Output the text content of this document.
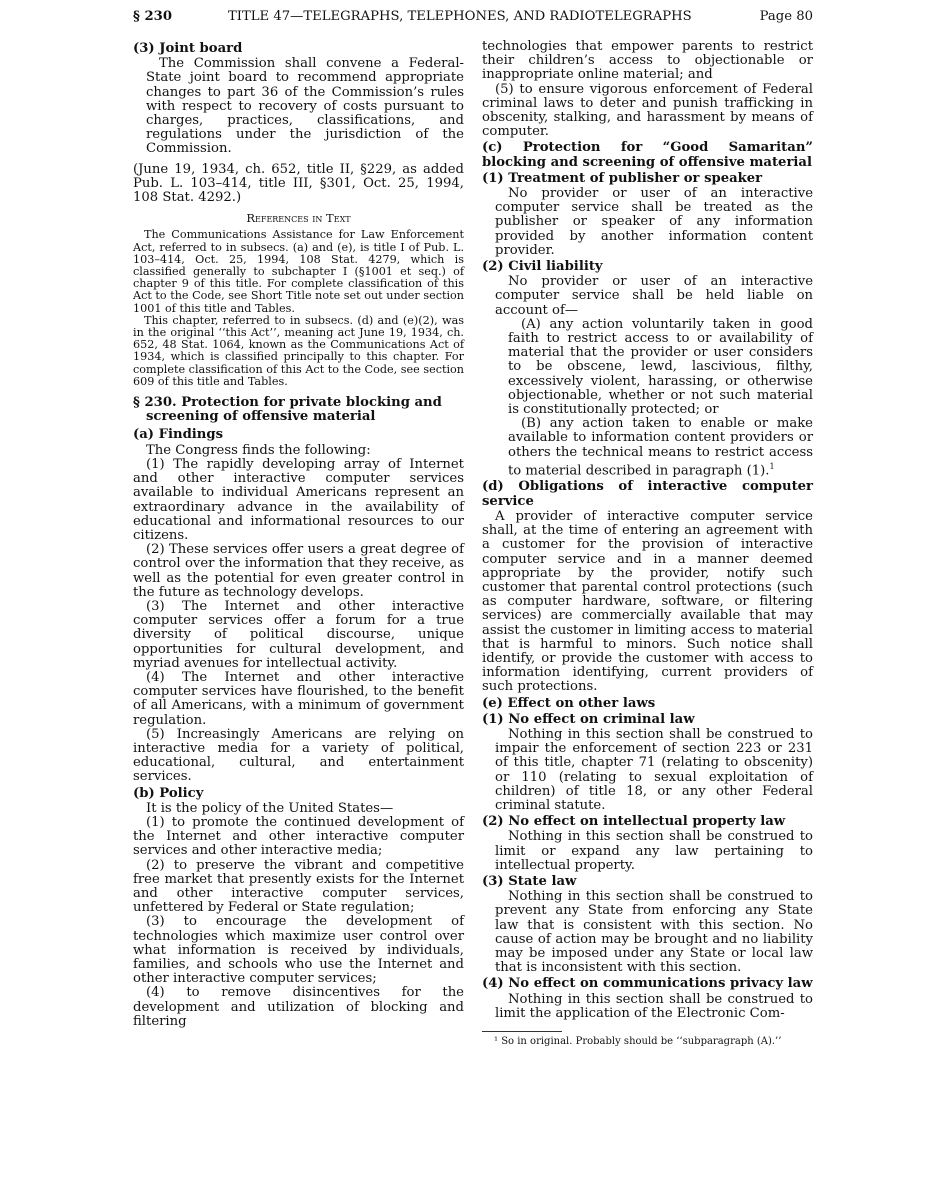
§ 230	TITLE 47—TELEGRAPHS, TELEPHONES, AND RADIOTELEGRAPHS	Page 80

(3) Joint board

The Commission shall convene a Federal-State joint board to recommend appropriate changes to part 36 of the Commission’s rules with respect to recovery of costs pursuant to charges, practices, classifications, and regulations under the jurisdiction of the Commission.

(June 19, 1934, ch. 652, title II, §229, as added Pub. L. 103–414, title III, §301, Oct. 25, 1994, 108 Stat. 4292.)

References in Text

The Communications Assistance for Law Enforcement Act, referred to in subsecs. (a) and (e), is title I of Pub. L. 103–414, Oct. 25, 1994, 108 Stat. 4279, which is classified generally to subchapter I (§1001 et seq.) of chapter 9 of this title. For complete classification of this Act to the Code, see Short Title note set out under section 1001 of this title and Tables.

This chapter, referred to in subsecs. (d) and (e)(2), was in the original ‘‘this Act’’, meaning act June 19, 1934, ch. 652, 48 Stat. 1064, known as the Communications Act of 1934, which is classified principally to this chapter. For complete classification of this Act to the Code, see section 609 of this title and Tables.

§ 230. Protection for private blocking and screening of offensive material

(a) Findings

The Congress finds the following:

(1) The rapidly developing array of Internet and other interactive computer services available to individual Americans represent an extraordinary advance in the availability of educational and informational resources to our citizens.

(2) These services offer users a great degree of control over the information that they receive, as well as the potential for even greater control in the future as technology develops.

(3) The Internet and other interactive computer services offer a forum for a true diversity of political discourse, unique opportunities for cultural development, and myriad avenues for intellectual activity.

(4) The Internet and other interactive computer services have flourished, to the benefit of all Americans, with a minimum of government regulation.

(5) Increasingly Americans are relying on interactive media for a variety of political, educational, cultural, and entertainment services.

(b) Policy

It is the policy of the United States—

(1) to promote the continued development of the Internet and other interactive computer services and other interactive media;

(2) to preserve the vibrant and competitive free market that presently exists for the Internet and other interactive computer services, unfettered by Federal or State regulation;

(3) to encourage the development of technologies which maximize user control over what information is received by individuals, families, and schools who use the Internet and other interactive computer services;

(4) to remove disincentives for the development and utilization of blocking and filtering

technologies that empower parents to restrict their children’s access to objectionable or inappropriate online material; and

(5) to ensure vigorous enforcement of Federal criminal laws to deter and punish trafficking in obscenity, stalking, and harassment by means of computer.

(c) Protection for “Good Samaritan” blocking and screening of offensive material

(1) Treatment of publisher or speaker

No provider or user of an interactive computer service shall be treated as the publisher or speaker of any information provided by another information content provider.

(2) Civil liability

No provider or user of an interactive computer service shall be held liable on account of—

(A) any action voluntarily taken in good faith to restrict access to or availability of material that the provider or user considers to be obscene, lewd, lascivious, filthy, excessively violent, harassing, or otherwise objectionable, whether or not such material is constitutionally protected; or

(B) any action taken to enable or make available to information content providers or others the technical means to restrict access to material described in paragraph (1).$^1$

(d) Obligations of interactive computer service

A provider of interactive computer service shall, at the time of entering an agreement with a customer for the provision of interactive computer service and in a manner deemed appropriate by the provider, notify such customer that parental control protections (such as computer hardware, software, or filtering services) are commercially available that may assist the customer in limiting access to material that is harmful to minors. Such notice shall identify, or provide the customer with access to information identifying, current providers of such protections.

(e) Effect on other laws

(1) No effect on criminal law

Nothing in this section shall be construed to impair the enforcement of section 223 or 231 of this title, chapter 71 (relating to obscenity) or 110 (relating to sexual exploitation of children) of title 18, or any other Federal criminal statute.

(2) No effect on intellectual property law

Nothing in this section shall be construed to limit or expand any law pertaining to intellectual property.

(3) State law

Nothing in this section shall be construed to prevent any State from enforcing any State law that is consistent with this section. No cause of action may be brought and no liability may be imposed under any State or local law that is inconsistent with this section.

(4) No effect on communications privacy law

Nothing in this section shall be construed to limit the application of the Electronic Com-

¹ So in original. Probably should be ‘‘subparagraph (A).’’
